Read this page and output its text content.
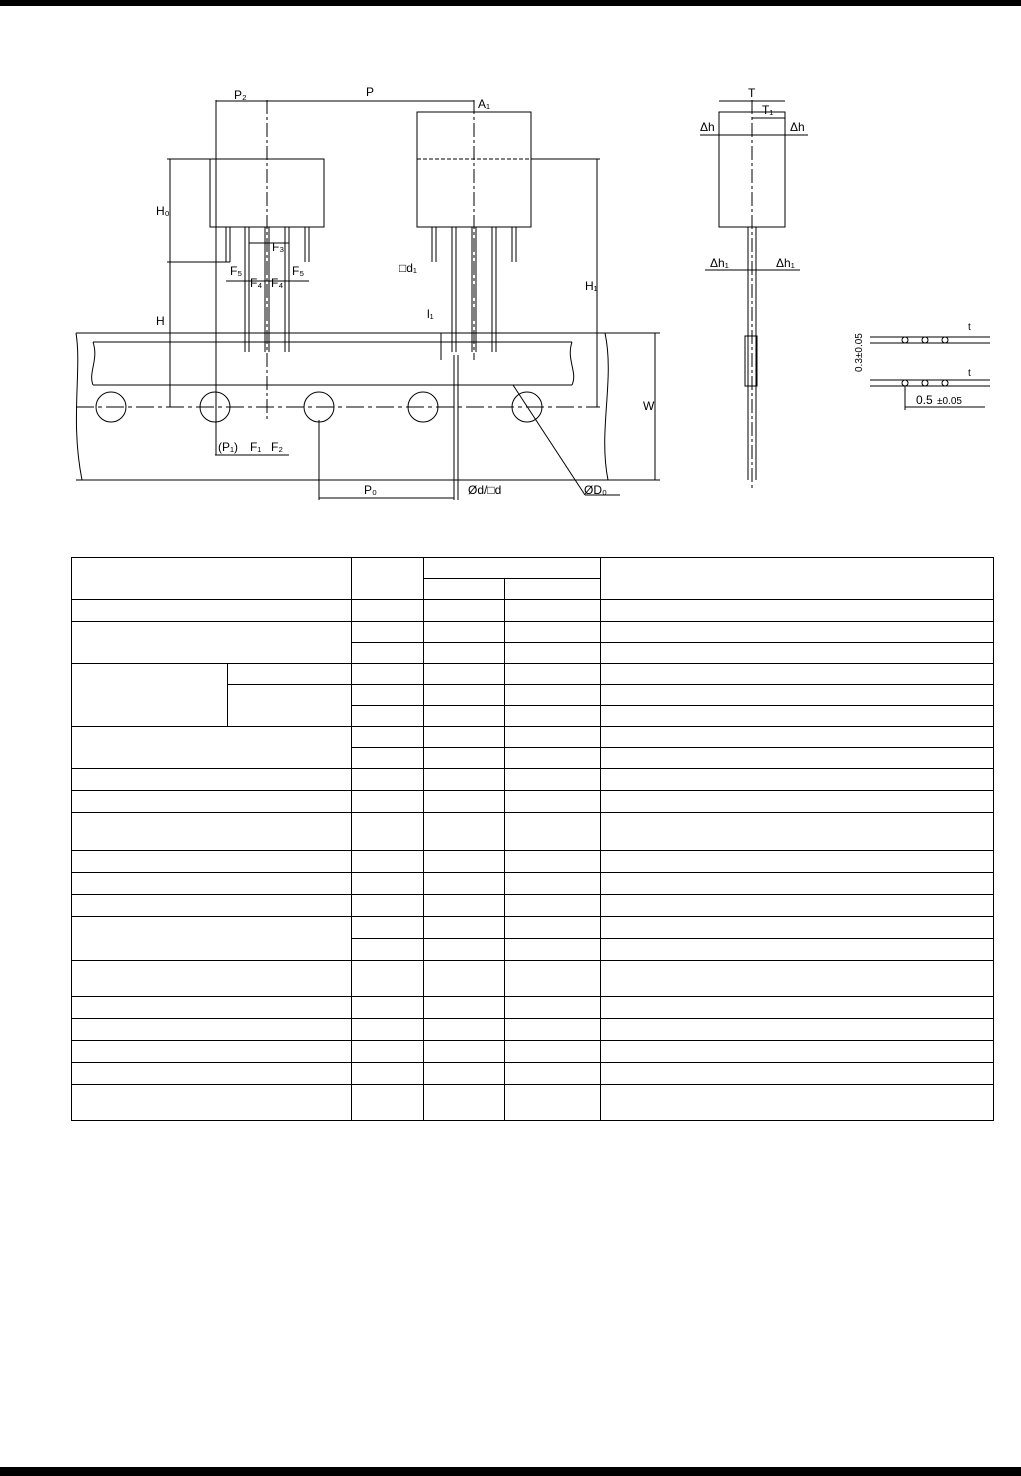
P₂	P
A₁
H₀
H
H₁
F₃
F₅	F₅
F₄ F₄
□d₁
l₁
(P₁) F₁ F₂
P₀	Ød/□d	ØD₀
W
T
T₁
Δh	Δh
Δh₁	Δh₁
0.3±0.05
t
t
0.5 ±0.05
